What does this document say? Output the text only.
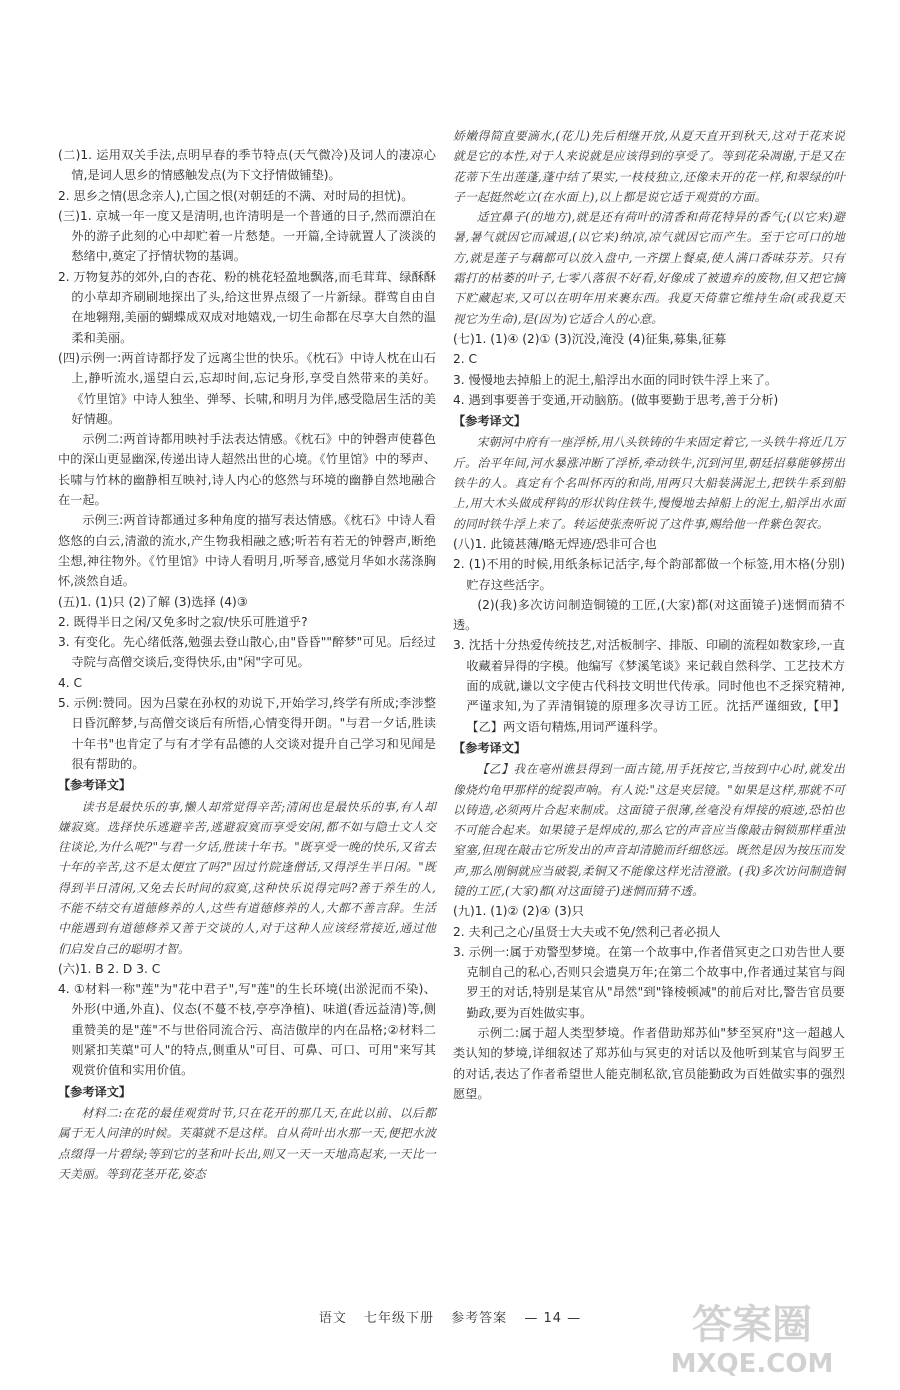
(二)1. 运用双关手法,点明早春的季节特点(天气微冷)及词人的凄凉心情,是词人思乡的情感触发点(为下文抒情做铺垫)。

2. 思乡之情(思念亲人),亡国之恨(对朝廷的不满、对时局的担忧)。

(三)1. 京城一年一度又是清明,也许清明是一个普通的日子,然而漂泊在外的游子此刻的心中却贮着一片愁楚。一开篇,全诗就置人了淡淡的愁绪中,奠定了抒情状物的基调。

2. 万物复苏的郊外,白的杏花、粉的桃花轻盈地飘落,而毛茸茸、绿酥酥的小草却齐刷刷地探出了头,给这世界点缀了一片新绿。群莺自由自在地翱翔,美丽的蝴蝶成双成对地嬉戏,一切生命都在尽享大自然的温柔和美丽。

(四)示例一:两首诗都抒发了远离尘世的快乐。《枕石》中诗人枕在山石上,静听流水,遥望白云,忘却时间,忘记身形,享受自然带来的美好。《竹里馆》中诗人独坐、弹琴、长啸,和明月为伴,感受隐居生活的美好情趣。

示例二:两首诗都用映衬手法表达情感。《枕石》中的钟磬声使暮色中的深山更显幽深,传递出诗人超然出世的心境。《竹里馆》中的琴声、长啸与竹林的幽静相互映衬,诗人内心的悠然与环境的幽静自然地融合在一起。

示例三:两首诗都通过多种角度的描写表达情感。《枕石》中诗人看悠悠的白云,清澈的流水,产生物我相融之感;听若有若无的钟磬声,断绝尘想,神往物外。《竹里馆》中诗人看明月,听琴音,感觉月华如水荡涤胸怀,淡然自适。

(五)1. (1)只 (2)了解 (3)选择 (4)③

2. 既得半日之闲/又免多时之寂/快乐可胜道乎?

3. 有变化。先心绪低落,勉强去登山散心,由"昏昏""醉梦"可见。后经过寺院与高僧交谈后,变得快乐,由"闲"字可见。

4. C

5. 示例:赞同。因为吕蒙在孙权的劝说下,开始学习,终学有所成;李涉整日昏沉醉梦,与高僧交谈后有所悟,心情变得开朗。"与君一夕话,胜读十年书"也肯定了与有才学有品德的人交谈对提升自己学习和见闻是很有帮助的。

【参考译文】

读书是最快乐的事,懒人却常觉得辛苦;清闲也是最快乐的事,有人却嫌寂寞。选择快乐逃避辛苦,逃避寂寞而享受安闲,都不如与隐士文人交往谈论,为什么呢?"与君一夕话,胜读十年书。"既享受一晚的快乐,又省去十年的辛苦,这不是太便宜了吗?"因过竹院逢僧话,又得浮生半日闲。"既得到半日清闲,又免去长时间的寂寞,这种快乐说得完吗?善于养生的人,不能不结交有道德修养的人,这些有道德修养的人,大都不善言辞。生活中能遇到有道德修养又善于交谈的人,对于这种人应该经常接近,通过他们启发自己的聪明才智。

(六)1. B 2. D 3. C

4. ①材料一称"莲"为"花中君子",写"莲"的生长环境(出淤泥而不染)、外形(中通,外直)、仪态(不蔓不枝,亭亭净植)、味道(香远益清)等,侧重赞美的是"莲"不与世俗同流合污、高洁傲岸的内在品格;②材料二则紧扣芙蕖"可人"的特点,侧重从"可目、可鼻、可口、可用"来写其观赏价值和实用价值。

【参考译文】

材料二:在花的最佳观赏时节,只在花开的那几天,在此以前、以后都属于无人问津的时候。芙蕖就不是这样。自从荷叶出水那一天,便把水波点缀得一片碧绿;等到它的茎和叶长出,则又一天一天地高起来,一天比一天美丽。等到花茎开花,姿态

娇嫩得简直要滴水,(花儿)先后相继开放,从夏天直开到秋天,这对于花来说就是它的本性,对于人来说就是应该得到的享受了。等到花朵凋谢,于是又在花蒂下生出莲蓬,蓬中结了果实,一枝枝独立,还像未开的花一样,和翠绿的叶子一起挺然屹立(在水面上),以上都是说它适于观赏的方面。

适宜鼻子(的地方),就是还有荷叶的清香和荷花特异的香气;(以它来)避暑,暑气就因它而减退,(以它来)纳凉,凉气就因它而产生。至于它可口的地方,就是莲子与藕都可以放入盘中,一齐摆上餐桌,使人满口香味芬芳。只有霜打的枯萎的叶子,七零八落很不好看,好像成了被遗弃的废物,但又把它摘下贮藏起来,又可以在明年用来裹东西。我夏天倚靠它维持生命(或我夏天视它为生命),是(因为)它适合人的心意。

(七)1. (1)④ (2)① (3)沉没,淹没 (4)征集,募集,征募

2. C

3. 慢慢地去掉船上的泥土,船浮出水面的同时铁牛浮上来了。

4. 遇到事要善于变通,开动脑筋。(做事要勤于思考,善于分析)

【参考译文】

宋朝河中府有一座浮桥,用八头铁铸的牛来固定着它,一头铁牛将近几万斤。治平年间,河水暴涨冲断了浮桥,牵动铁牛,沉到河里,朝廷招募能够捞出铁牛的人。真定有个名叫怀丙的和尚,用两只大船装满泥土,把铁牛系到船上,用大木头做成秤钩的形状钩住铁牛,慢慢地去掉船上的泥土,船浮出水面的同时铁牛浮上来了。转运使张焘听说了这件事,赐给他一件紫色袈衣。

(八)1. 此镜甚薄/略无焊迹/恐非可合也

2. (1)不用的时候,用纸条标记活字,每个韵部都做一个标签,用木格(分别)贮存这些活字。

(2)(我)多次访问制造铜镜的工匠,(大家)都(对这面镜子)迷惘而猜不透。

3. 沈括十分热爱传统技艺,对活板制字、排版、印刷的流程如数家珍,一直收藏着异得的字模。他编写《梦溪笔谈》来记载自然科学、工艺技术方面的成就,谦以文字使古代科技文明世代传承。同时他也不乏探究精神,严谨求知,为了弄清铜镜的原理多次寻访工匠。沈括严谨细致,【甲】【乙】两文语句精炼,用词严谨科学。

【参考译文】

【乙】我在亳州谯县得到一面古镜,用手抚按它,当按到中心时,就发出像烧灼龟甲那样的绽裂声响。有人说:"这是夹层镜。"如果是这样,那就不可以铸造,必须两片合起来制成。这面镜子很薄,丝毫没有焊接的痕迹,恐怕也不可能合起来。如果镜子是焊成的,那么它的声音应当像敲击铜锁那样重浊窒塞,但现在敲击它所发出的声音却清脆而纤细悠远。既然是因为按压而发声,那么刚铜就应当破裂,柔铜又不能像这样光洁澄澈。(我)多次访问制造铜镜的工匠,(大家)都(对这面镜子)迷惘而猜不透。

(九)1. (1)② (2)④ (3)只

2. 夫利己之心/虽贤士大夫或不免/然利己者必损人

3. 示例一:属于劝警型梦境。在第一个故事中,作者借冥吏之口劝告世人要克制自己的私心,否则只会遗臭万年;在第二个故事中,作者通过某官与阎罗王的对话,特别是某官从"昂然"到"锋棱顿减"的前后对比,警告官员要勤政,要为百姓做实事。

示例二:属于超人类型梦境。作者借助郑苏仙"梦至冥府"这一超越人类认知的梦境,详细叙述了郑苏仙与冥吏的对话以及他听到某官与阎罗王的对话,表达了作者希望世人能克制私欲,官员能勤政为百姓做实事的强烈愿望。

语文 七年级下册 参考答案 — 14 —	答案圈
MXQE.COM
